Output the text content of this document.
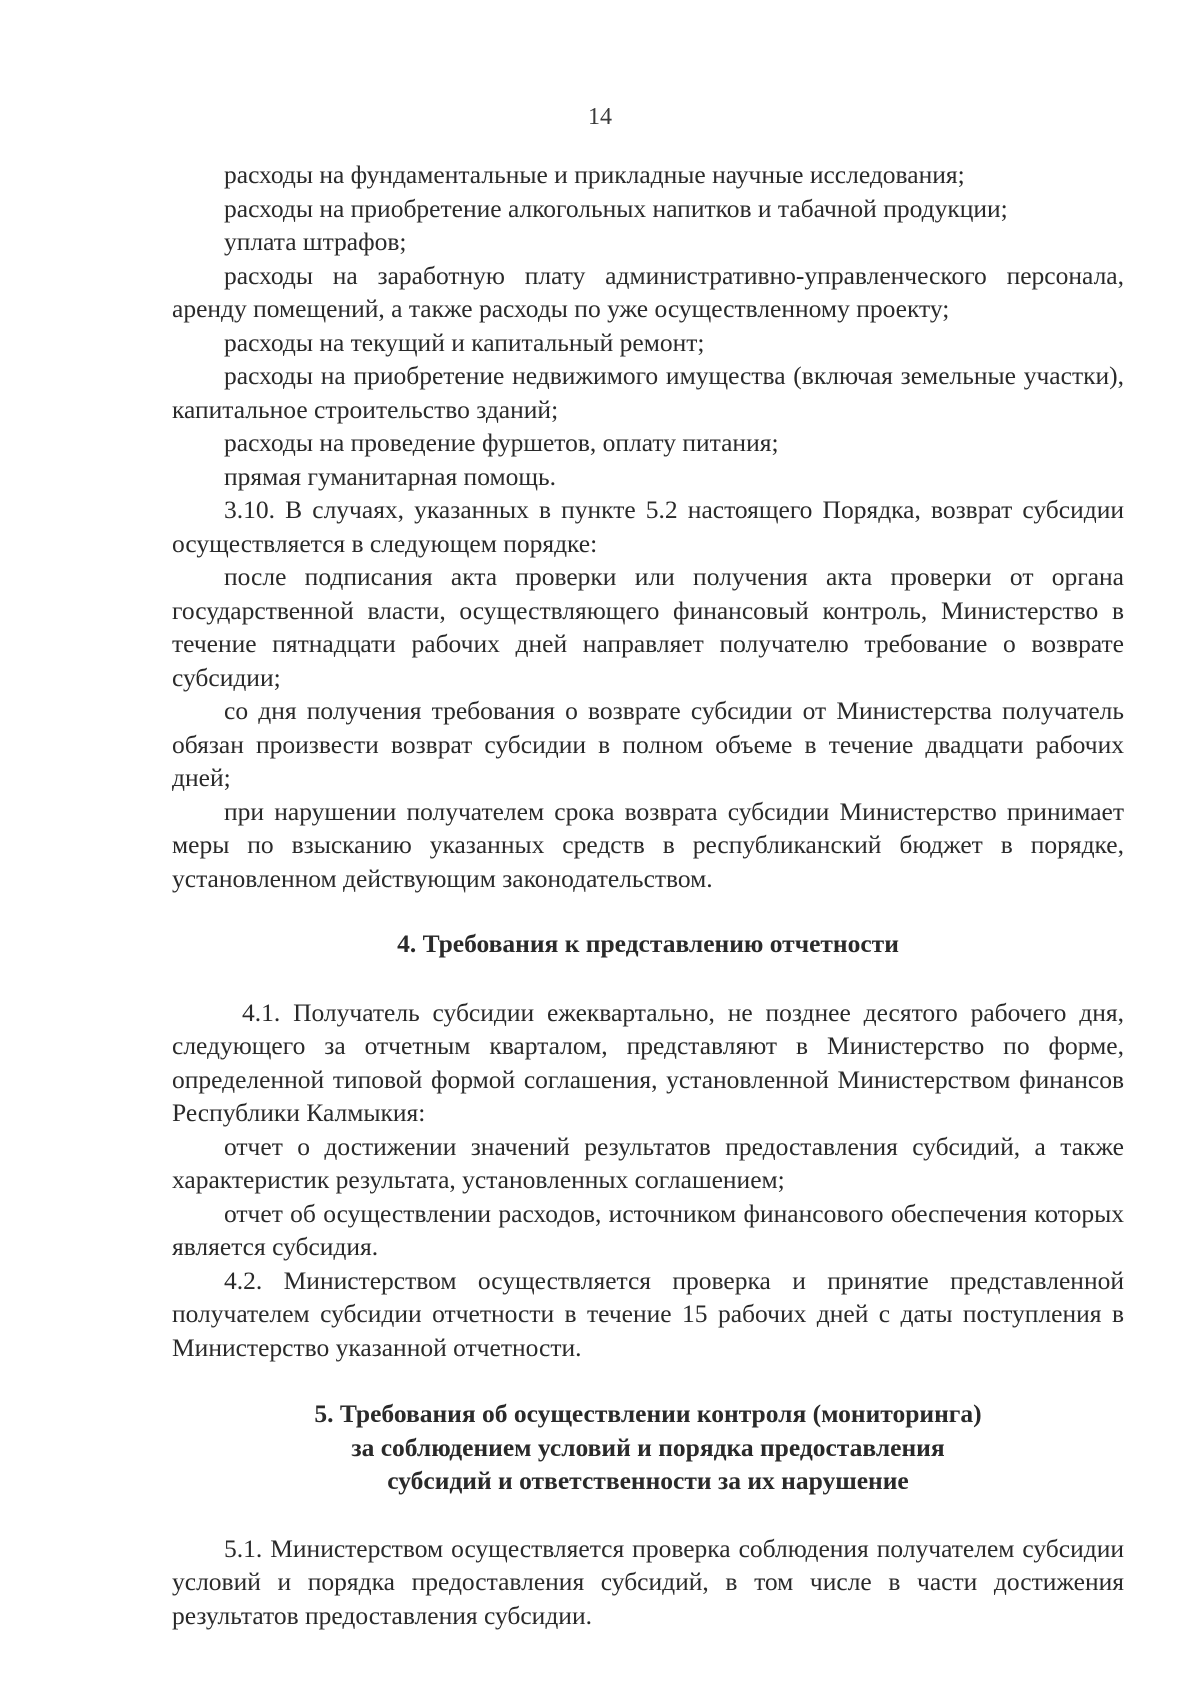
14

расходы на фундаментальные и прикладные научные исследования;

расходы на приобретение алкогольных напитков и табачной продукции;

уплата штрафов;

расходы на заработную плату административно-управленческого персонала, аренду помещений, а также расходы по уже осуществленному проекту;

расходы на текущий и капитальный ремонт;

расходы на приобретение недвижимого имущества (включая земельные участки), капитальное строительство зданий;

расходы на проведение фуршетов, оплату питания;

прямая гуманитарная помощь.

3.10. В случаях, указанных в пункте 5.2 настоящего Порядка, возврат субсидии осуществляется в следующем порядке:

после подписания акта проверки или получения акта проверки от органа государственной власти, осуществляющего финансовый контроль, Министерство в течение пятнадцати рабочих дней направляет получателю требование о возврате субсидии;

со дня получения требования о возврате субсидии от Министерства получатель обязан произвести возврат субсидии в полном объеме в течение двадцати рабочих дней;

при нарушении получателем срока возврата субсидии Министерство принимает меры по взысканию указанных средств в республиканский бюджет в порядке, установленном действующим законодательством.

4. Требования к представлению отчетности

4.1. Получатель субсидии ежеквартально, не позднее десятого рабочего дня, следующего за отчетным кварталом, представляют в Министерство по форме, определенной типовой формой соглашения, установленной Министерством финансов Республики Калмыкия:

отчет о достижении значений результатов предоставления субсидий, а также характеристик результата, установленных соглашением;

отчет об осуществлении расходов, источником финансового обеспечения которых является субсидия.

4.2. Министерством осуществляется проверка и принятие представленной получателем субсидии отчетности в течение 15 рабочих дней с даты поступления в Министерство указанной отчетности.

5. Требования об осуществлении контроля (мониторинга)
за соблюдением условий и порядка предоставления
субсидий и ответственности за их нарушение

5.1. Министерством осуществляется проверка соблюдения получателем субсидии условий и порядка предоставления субсидий, в том числе в части достижения результатов предоставления субсидии.
